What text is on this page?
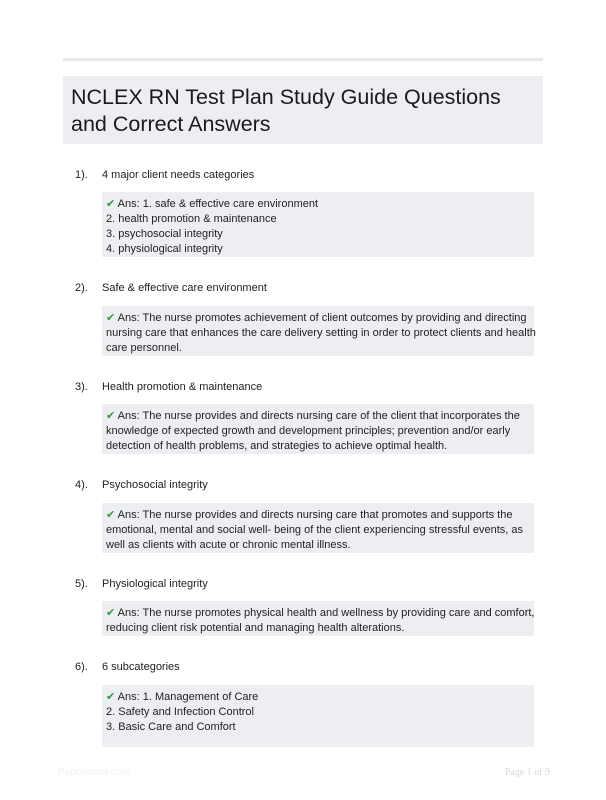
NCLEX RN Test Plan Study Guide Questions and Correct Answers
1). 4 major client needs categories
✔ Ans: 1. safe & effective care environment
2. health promotion & maintenance
3. psychosocial integrity
4. physiological integrity
2). Safe & effective care environment
✔ Ans: The nurse promotes achievement of client outcomes by providing and directing
nursing care that enhances the care delivery setting in order to protect clients and health
care personnel.
3). Health promotion & maintenance
✔ Ans: The nurse provides and directs nursing care of the client that incorporates the
knowledge of expected growth and development principles; prevention and/or early
detection of health problems, and strategies to achieve optimal health.
4). Psychosocial integrity
✔ Ans: The nurse provides and directs nursing care that promotes and supports the
emotional, mental and social well- being of the client experiencing stressful events, as
well as clients with acute or chronic mental illness.
5). Physiological integrity
✔ Ans: The nurse promotes physical health and wellness by providing care and comfort,
reducing client risk potential and managing health alterations.
6). 6 subcategories
✔ Ans: 1. Management of Care
2. Safety and Infection Control
3. Basic Care and Comfort
Paperstudy.com	Page 1 of 9
